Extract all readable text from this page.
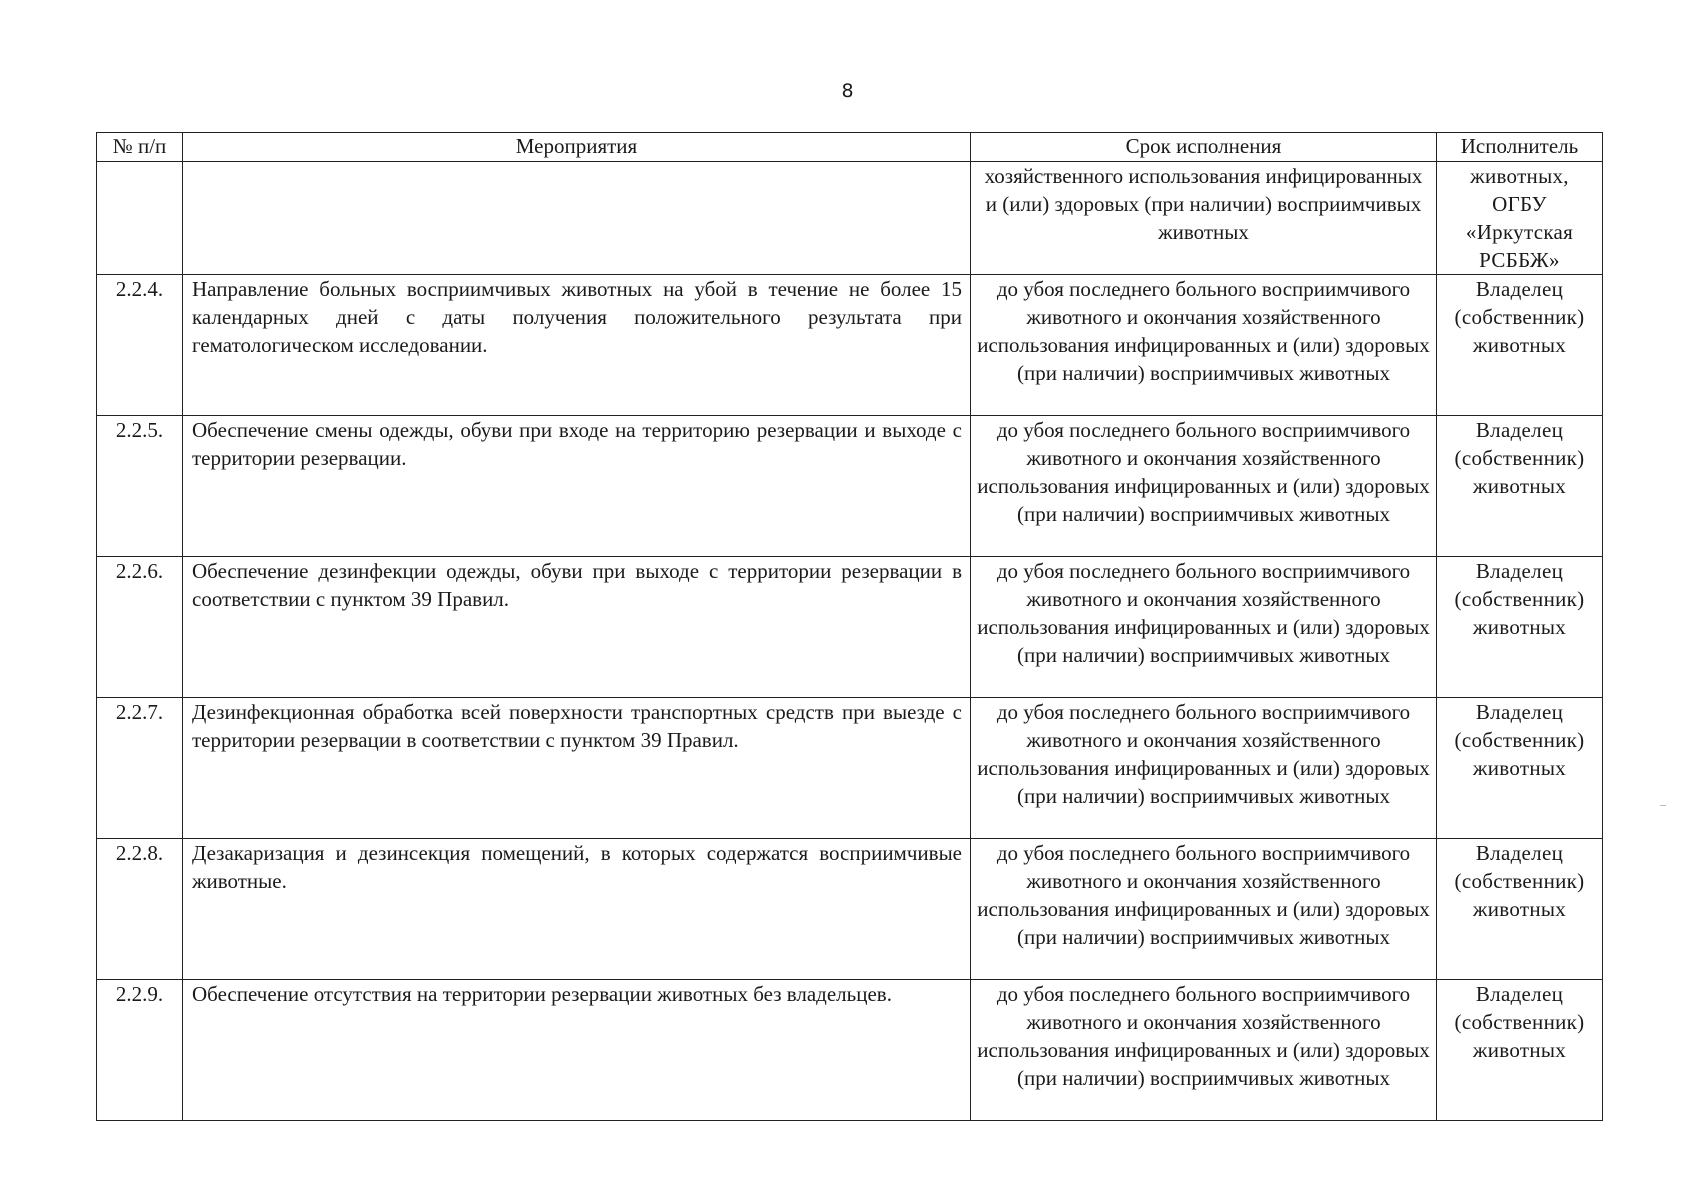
8
№ п/п	Мероприятия	Срок исполнения	Исполнитель
		хозяйственного использования инфицированных и (или) здоровых (при наличии) восприимчивых животных	животных, ОГБУ «Иркутская РСББЖ»
2.2.4.	Направление больных восприимчивых животных на убой в течение не более 15 календарных дней с даты получения положительного результата при гематологическом исследовании.	до убоя последнего больного восприимчивого животного и окончания хозяйственного использования инфицированных и (или) здоровых (при наличии) восприимчивых животных	Владелец (собственник) животных
2.2.5.	Обеспечение смены одежды, обуви при входе на территорию резервации и выходе с территории резервации.	до убоя последнего больного восприимчивого животного и окончания хозяйственного использования инфицированных и (или) здоровых (при наличии) восприимчивых животных	Владелец (собственник) животных
2.2.6.	Обеспечение дезинфекции одежды, обуви при выходе с территории резервации в соответствии с пунктом 39 Правил.	до убоя последнего больного восприимчивого животного и окончания хозяйственного использования инфицированных и (или) здоровых (при наличии) восприимчивых животных	Владелец (собственник) животных
2.2.7.	Дезинфекционная обработка всей поверхности транспортных средств при выезде с территории резервации в соответствии с пунктом 39 Правил.	до убоя последнего больного восприимчивого животного и окончания хозяйственного использования инфицированных и (или) здоровых (при наличии) восприимчивых животных	Владелец (собственник) животных
2.2.8.	Дезакаризация и дезинсекция помещений, в которых содержатся восприимчивые животные.	до убоя последнего больного восприимчивого животного и окончания хозяйственного использования инфицированных и (или) здоровых (при наличии) восприимчивых животных	Владелец (собственник) животных
2.2.9.	Обеспечение отсутствия на территории резервации животных без владельцев.	до убоя последнего больного восприимчивого животного и окончания хозяйственного использования инфицированных и (или) здоровых (при наличии) восприимчивых животных	Владелец (собственник) животных
